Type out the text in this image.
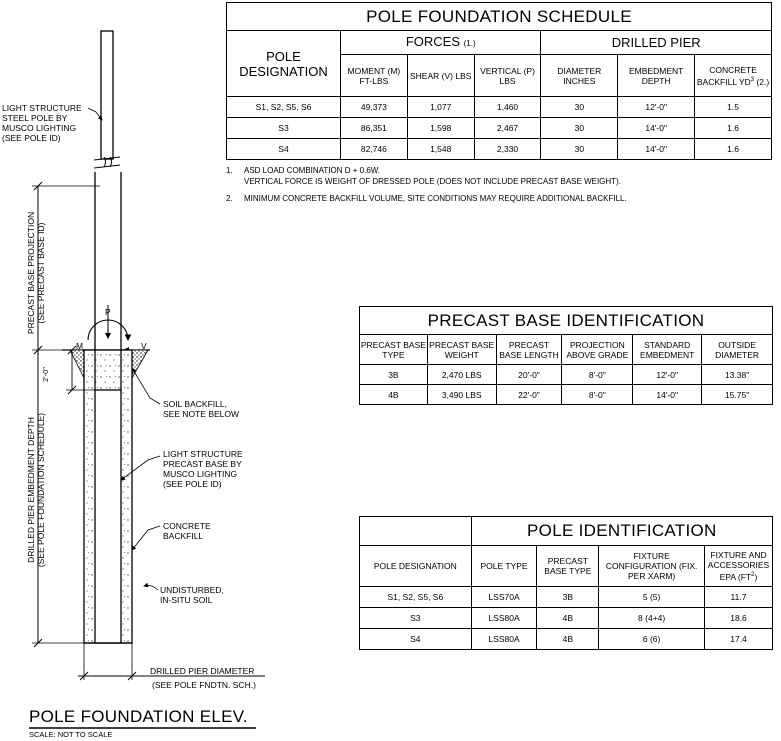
LIGHT STRUCTURE
STEEL POLE BY
MUSCO LIGHTING
(SEE POLE ID)
PRECAST BASE PROJECTION (SEE PRECAST BASE ID)
DRILLED PIER EMBEDMENT DEPTH (SEE POLE FOUNDATION SCHEDULE)
2'-0"
P
M	V
SOIL BACKFILL,
SEE NOTE BELOW
LIGHT STRUCTURE
PRECAST BASE BY
MUSCO LIGHTING
(SEE POLE ID)
CONCRETE
BACKFILL
UNDISTURBED,
IN-SITU SOIL
DRILLED PIER DIAMETER
(SEE POLE FNDTN. SCH.)
POLE FOUNDATION ELEV.
SCALE: NOT TO SCALE
POLE FOUNDATION SCHEDULE						
POLE DESIGNATION	FORCES (1.)			DRILLED PIER		
	MOMENT (M) FT-LBS	SHEAR (V) LBS	VERTICAL (P) LBS	DIAMETER INCHES	EMBEDMENT DEPTH	CONCRETE BACKFILL $YD^3$ (2.)
S1, S2, S5, S6	49,373	1,077	1,460	30	12'-0"	1.5
S3	86,351	1,598	2,467	30	14'-0"	1.6
S4	82,746	1,548	2,330	30	14'-0"	1.6
1. ASD LOAD COMBINATION D + 0.6W.
VERTICAL FORCE IS WEIGHT OF DRESSED POLE (DOES NOT INCLUDE PRECAST BASE WEIGHT).
2. MINIMUM CONCRETE BACKFILL VOLUME, SITE CONDITIONS MAY REQUIRE ADDITIONAL BACKFILL.
PRECAST BASE IDENTIFICATION					
PRECAST BASE TYPE	PRECAST BASE WEIGHT	PRECAST BASE LENGTH	PROJECTION ABOVE GRADE	STANDARD EMBEDMENT	OUTSIDE DIAMETER
3B	2,470 LBS	20'-0"	8'-0"	12'-0"	13.38"
4B	3,490 LBS	22'-0"	8'-0"	14'-0"	15.75"
	POLE IDENTIFICATION			
POLE DESIGNATION	POLE TYPE	PRECAST BASE TYPE	FIXTURE CONFIGURATION (FIX. PER XARM)	FIXTURE AND ACCESSORIES EPA $(FT^2)$
S1, S2, S5, S6	LSS70A	3B	5 (5)	11.7
S3	LSS80A	4B	8 (4+4)	18.6
S4	LSS80A	4B	6 (6)	17.4
